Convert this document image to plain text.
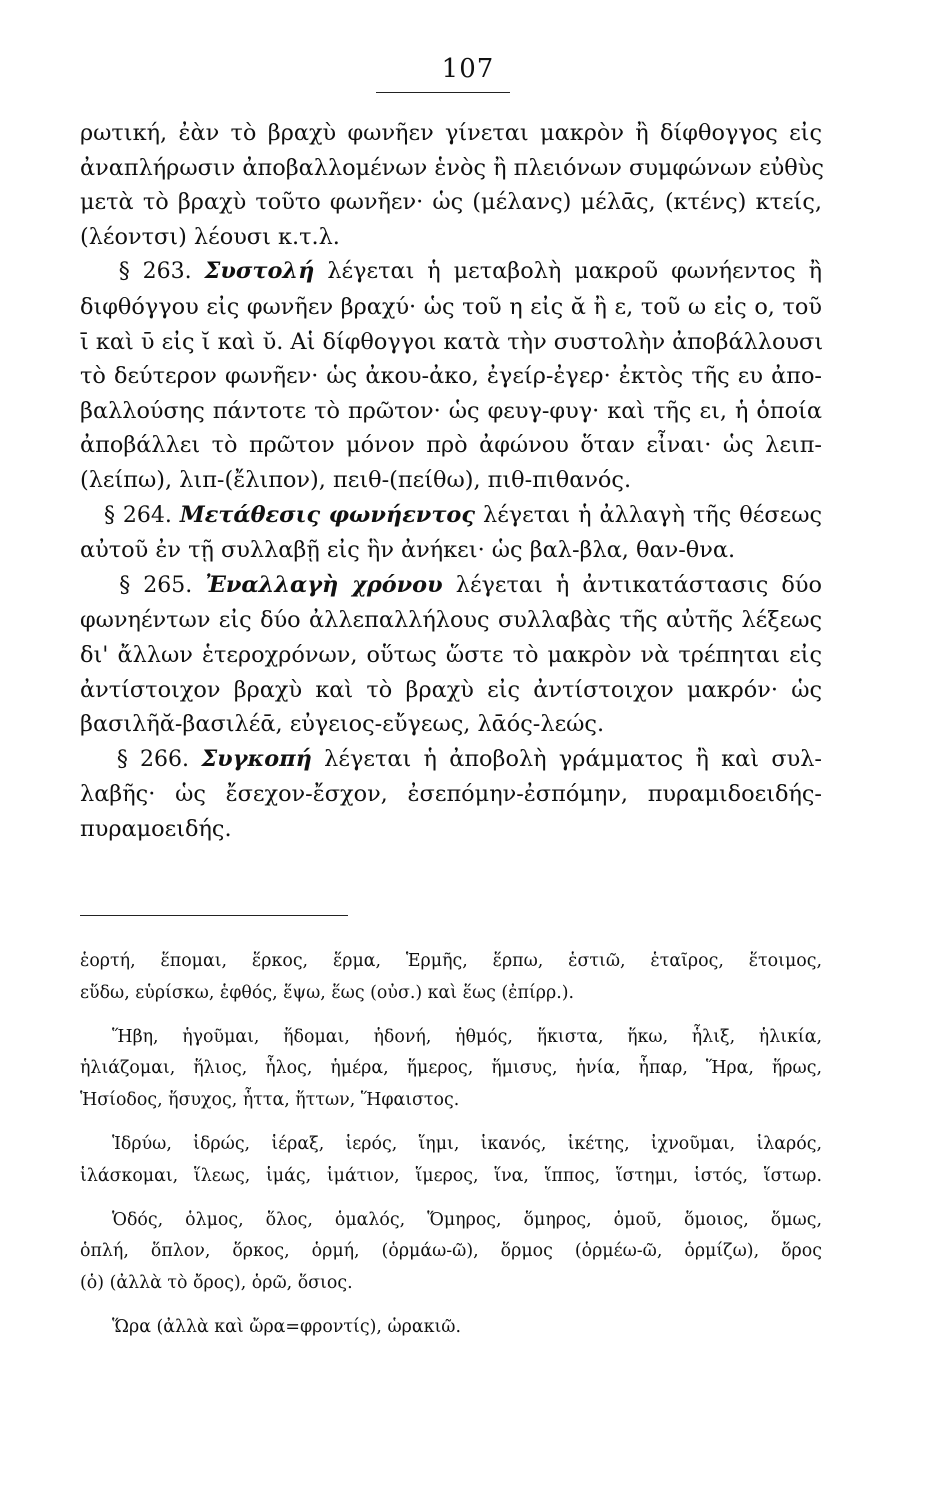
107

ρωτική, ἐὰν τὸ βραχὺ φωνῆεν γίνεται μακρὸν ἢ δίφθογγος εἰς
ἀναπλήρωσιν ἀποβαλλομένων ἑνὸς ἢ πλειόνων συμφώνων εὐθὺς
μετὰ τὸ βραχὺ τοῦτο φωνῆεν· ὡς (μέλανς) μέλᾱς, (κτένς) κτείς,
(λέοντσι) λέουσι κ.τ.λ.

§ 263. Συστολή λέγεται ἡ μεταβολὴ μακροῦ φωνήεντος ἢ
διφθόγγου εἰς φωνῆεν βραχύ· ὡς τοῦ η εἰς ᾰ ἢ ε, τοῦ ω εἰς ο, τοῦ
ῑ καὶ ῡ εἰς ῐ καὶ ῠ. Αἱ δίφθογγοι κατὰ τὴν συστολὴν ἀποβάλλουσι
τὸ δεύτερον φωνῆεν· ὡς ἀκου-ἀκο, ἐγείρ-ἐγερ· ἐκτὸς τῆς ευ ἀπο-
βαλλούσης πάντοτε τὸ πρῶτον· ὡς φευγ-φυγ· καὶ τῆς ει, ἡ ὁποία
ἀποβάλλει τὸ πρῶτον μόνον πρὸ ἀφώνου ὅταν εἶναι· ὡς λειπ-
(λείπω), λιπ-(ἔλιπον), πειθ-(πείθω), πιθ-πιθανός.

§ 264. Μετάθεσις φωνήεντος λέγεται ἡ ἀλλαγὴ τῆς θέσεως
αὐτοῦ ἐν τῇ συλλαβῇ εἰς ἣν ἀνήκει· ὡς βαλ-βλα, θαν-θνα.

§ 265. Ἐναλλαγὴ χρόνου λέγεται ἡ ἀντικατάστασις δύο
φωνηέντων εἰς δύο ἀλλεπαλλήλους συλλαβὰς τῆς αὐτῆς λέξεως
δι' ἄλλων ἑτεροχρόνων, οὕτως ὥστε τὸ μακρὸν νὰ τρέπηται εἰς
ἀντίστοιχον βραχὺ καὶ τὸ βραχὺ εἰς ἀντίστοιχον μακρόν· ὡς
βασιλῆᾰ-βασιλέᾱ, εὐγειος-εὔγεως, λᾱός-λεώς.

§ 266. Συγκοπή λέγεται ἡ ἀποβολὴ γράμματος ἢ καὶ συλ-
λαβῆς· ὡς ἔσεχον-ἔσχον, ἐσεπόμην-ἐσπόμην, πυραμιδοειδής-
πυραμοειδής.

ἑορτή, ἕπομαι, ἕρκος, ἕρμα, Ἑρμῆς, ἕρπω, ἑστιῶ, ἑταῖρος, ἕτοιμος,
εὕδω, εὑρίσκω, ἑφθός, ἕψω, ἕως (οὐσ.) καὶ ἕως (ἐπίρρ.).

Ἥβη, ἡγοῦμαι, ἥδομαι, ἡδονή, ἡθμός, ἥκιστα, ἥκω, ἧλιξ, ἡλικία,
ἡλιάζομαι, ἥλιος, ἧλος, ἡμέρα, ἥμερος, ἥμισυς, ἡνία, ἧπαρ, Ἥρα, ἥρως,
Ἡσίοδος, ἥσυχος, ἧττα, ἥττων, Ἥφαιστος.

Ἱδρύω, ἱδρώς, ἱέραξ, ἱερός, ἵημι, ἱκανός, ἱκέτης, ἰχνοῦμαι, ἱλαρός,
ἱλάσκομαι, ἵλεως, ἱμάς, ἱμάτιον, ἵμερος, ἵνα, ἵππος, ἵστημι, ἱστός, ἵστωρ.

Ὁδός, ὁλμος, ὅλος, ὁμαλός, Ὅμηρος, ὅμηρος, ὁμοῦ, ὅμοιος, ὅμως,
ὁπλή, ὅπλον, ὅρκος, ὁρμή, (ὁρμάω-ῶ), ὅρμος (ὁρμέω-ῶ, ὁρμίζω), ὅρος
(ὁ) (ἀλλὰ τὸ ὄρος), ὁρῶ, ὅσιος.

Ὥρα (ἀλλὰ καὶ ὤρα=φροντίς), ὡρακιῶ.
